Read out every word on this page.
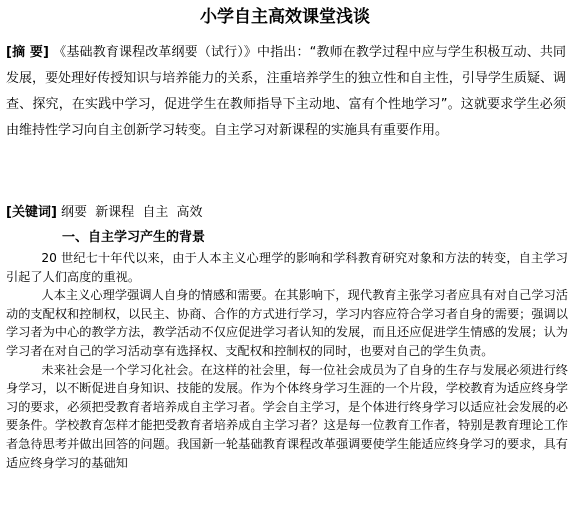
小学自主高效课堂浅谈

[摘 要] 《基础教育课程改革纲要（试行）》中指出：“教师在教学过程中应与学生积极互动、共同发展，要处理好传授知识与培养能力的关系，注重培养学生的独立性和自主性，引导学生质疑、调查、探究，在实践中学习，促进学生在教师指导下主动地、富有个性地学习”。这就要求学生必须由维持性学习向自主创新学习转变。自主学习对新课程的实施具有重要作用。

[关键词] 纲要 新课程 自主 高效

一、自主学习产生的背景

20 世纪七十年代以来，由于人本主义心理学的影响和学科教育研究对象和方法的转变，自主学习引起了人们高度的重视。

人本主义心理学强调人自身的情感和需要。在其影响下，现代教育主张学习者应具有对自己学习活动的支配权和控制权，以民主、协商、合作的方式进行学习，学习内容应符合学习者自身的需要；强调以学习者为中心的教学方法，教学活动不仅应促进学习者认知的发展，而且还应促进学生情感的发展；认为学习者在对自己的学习活动享有选择权、支配权和控制权的同时，也要对自己的学生负责。

未来社会是一个学习化社会。在这样的社会里，每一位社会成员为了自身的生存与发展必须进行终身学习，以不断促进自身知识、技能的发展。作为个体终身学习生涯的一个片段，学校教育为适应终身学习的要求，必须把受教育者培养成自主学习者。学会自主学习，是个体进行终身学习以适应社会发展的必要条件。学校教育怎样才能把受教育者培养成自主学习者？这是每一位教育工作者，特别是教育理论工作者急待思考并做出回答的问题。我国新一轮基础教育课程改革强调要使学生能适应终身学习的要求，具有适应终身学习的基础知
